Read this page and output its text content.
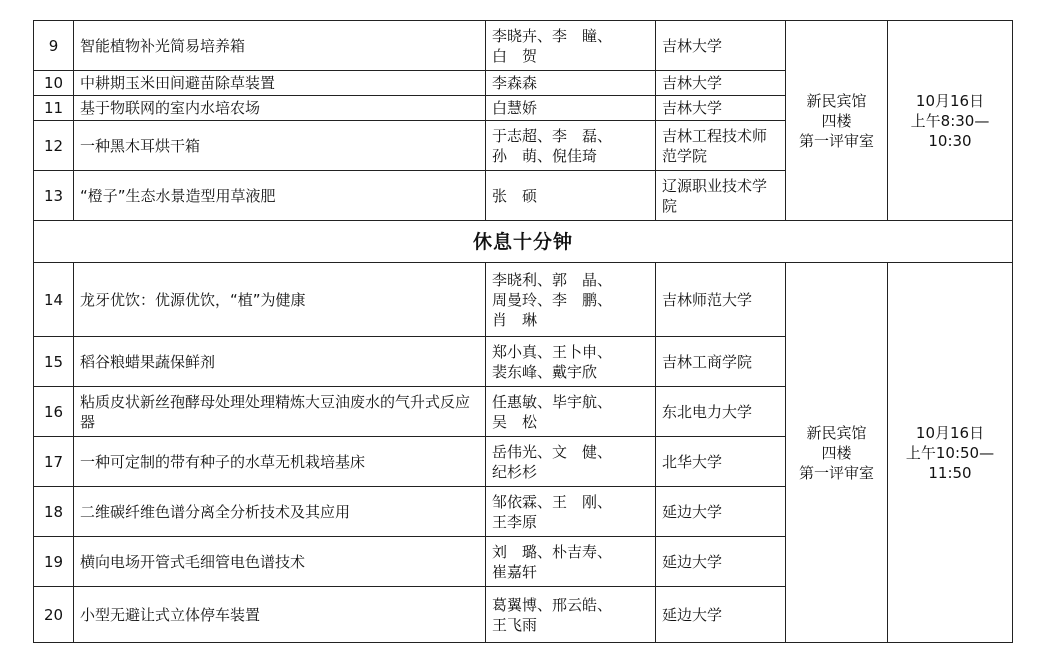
9	智能植物补光简易培养箱	李晓卉、李　瞳、
白　贺	吉林大学	新民宾馆
四楼
第一评审室	10月16日
上午8:30—
10:30

10	中耕期玉米田间避苗除草装置	李森森	吉林大学		
11	基于物联网的室内水培农场	白慧娇	吉林大学		
12	一种黑木耳烘干箱	于志超、李　磊、
孙　萌、倪佳琦	吉林工程技术师范学院		
13	“橙子”生态水景造型用草液肥	张　硕	辽源职业技术学院		
休息十分钟					
14	龙牙优饮：优源优饮，“植”为健康	李晓利、郭　晶、
周曼玲、李　鹏、
肖　琳	吉林师范大学	新民宾馆
四楼
第一评审室	10月16日
上午10:50—
11:50

15	稻谷粮蜡果蔬保鲜剂	郑小真、王卜申、
裴东峰、戴宇欣	吉林工商学院		
16	粘质皮状新丝孢酵母处理处理精炼大豆油废水的气升式反应器	任惠敏、毕宇航、
吴　松	东北电力大学		
17	一种可定制的带有种子的水草无机栽培基床	岳伟光、文　健、
纪杉杉	北华大学		
18	二维碳纤维色谱分离全分析技术及其应用	邹依霖、王　刚、
王李原	延边大学		
19	横向电场开管式毛细管电色谱技术	刘　璐、朴吉寿、
崔嘉轩	延边大学		
20	小型无避让式立体停车装置	葛翼博、邢云皓、
王飞雨	延边大学		
